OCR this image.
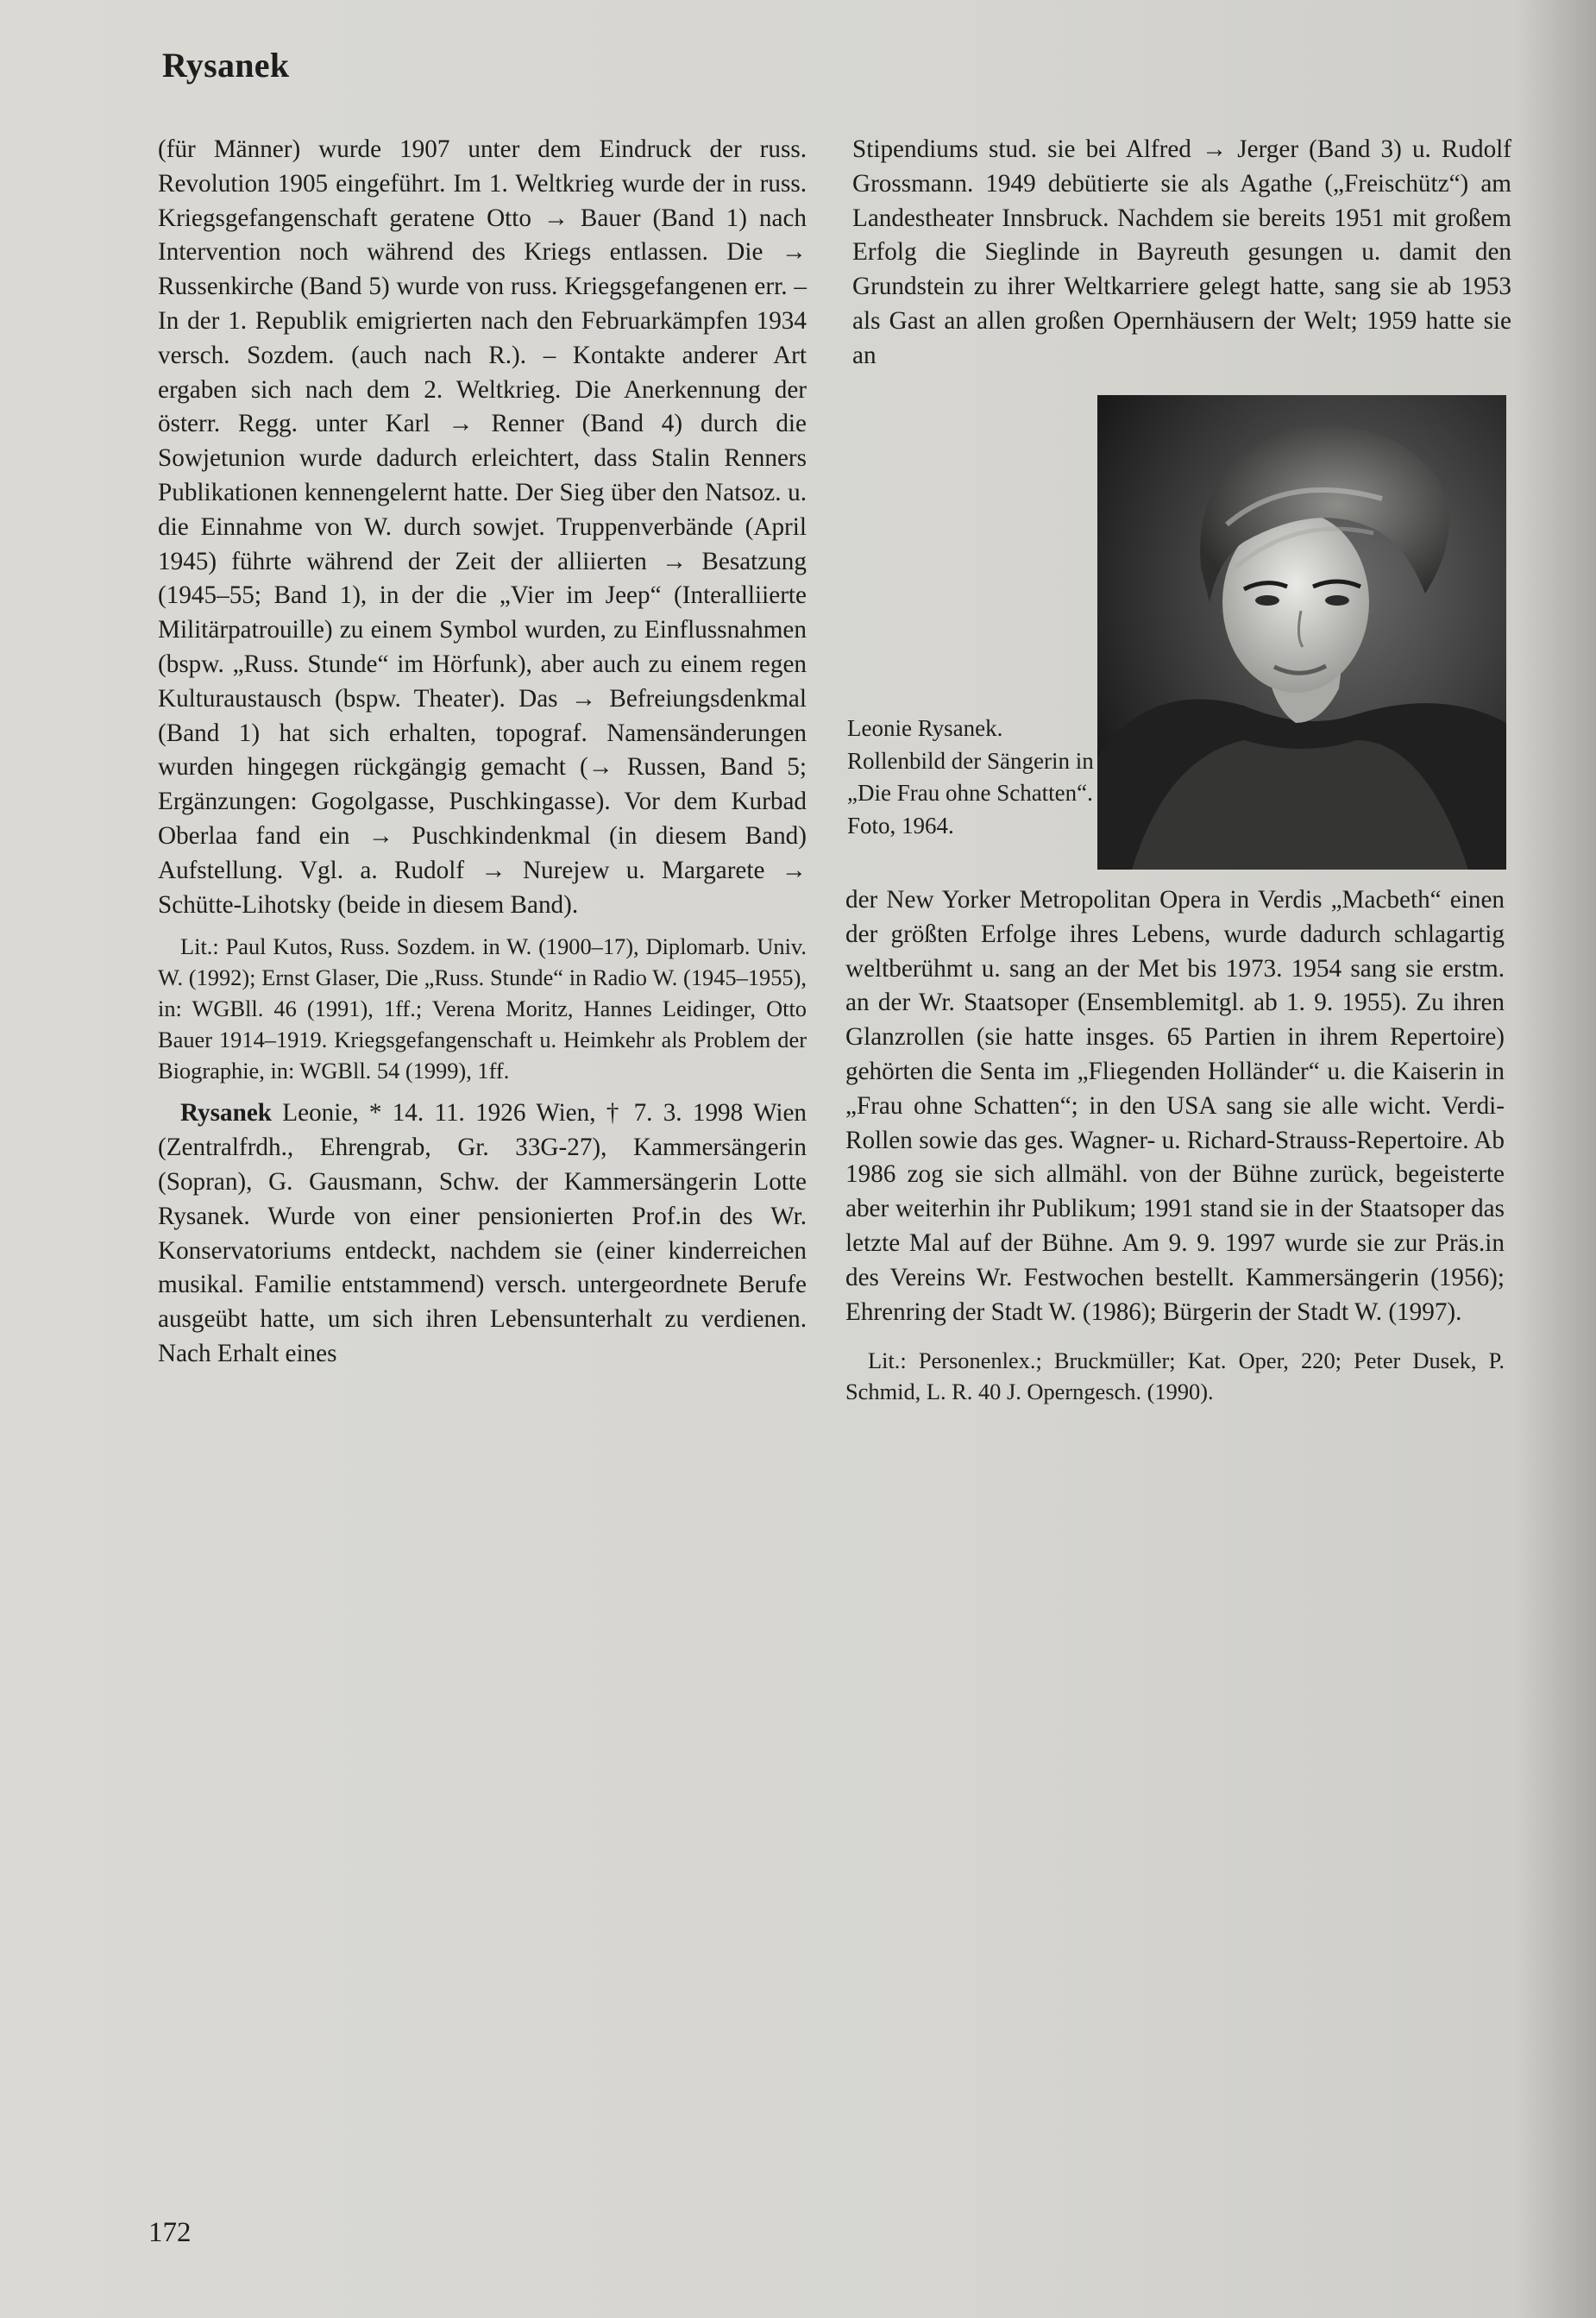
Rysanek

(für Männer) wurde 1907 unter dem Eindruck der russ. Revolution 1905 eingeführt. Im 1. Weltkrieg wurde der in russ. Kriegsgefangenschaft geratene Otto → Bauer (Band 1) nach Intervention noch während des Kriegs entlassen. Die → Russenkirche (Band 5) wurde von russ. Kriegsgefangenen err. – In der 1. Republik emigrierten nach den Februarkämpfen 1934 versch. Sozdem. (auch nach R.). – Kontakte anderer Art ergaben sich nach dem 2. Weltkrieg. Die Anerkennung der österr. Regg. unter Karl → Renner (Band 4) durch die Sowjetunion wurde dadurch erleichtert, dass Stalin Renners Publikationen kennengelernt hatte. Der Sieg über den Natsoz. u. die Einnahme von W. durch sowjet. Truppenverbände (April 1945) führte während der Zeit der alliierten → Besatzung (1945–55; Band 1), in der die „Vier im Jeep“ (Interalliierte Militärpatrouille) zu einem Symbol wurden, zu Einflussnahmen (bspw. „Russ. Stunde“ im Hörfunk), aber auch zu einem regen Kulturaustausch (bspw. Theater). Das → Befreiungsdenkmal (Band 1) hat sich erhalten, topograf. Namensänderungen wurden hingegen rückgängig gemacht (→ Russen, Band 5; Ergänzungen: Gogolgasse, Puschkingasse). Vor dem Kurbad Oberlaa fand ein → Puschkindenkmal (in diesem Band) Aufstellung. Vgl. a. Rudolf → Nurejew u. Margarete → Schütte-Lihotsky (beide in diesem Band).

Lit.: Paul Kutos, Russ. Sozdem. in W. (1900–17), Diplomarb. Univ. W. (1992); Ernst Glaser, Die „Russ. Stunde“ in Radio W. (1945–1955), in: WGBll. 46 (1991), 1ff.; Verena Moritz, Hannes Leidinger, Otto Bauer 1914–1919. Kriegsgefangenschaft u. Heimkehr als Problem der Biographie, in: WGBll. 54 (1999), 1ff.

Rysanek Leonie, * 14. 11. 1926 Wien, † 7. 3. 1998 Wien (Zentralfrdh., Ehrengrab, Gr. 33G-27), Kammersängerin (Sopran), G. Gausmann, Schw. der Kammersängerin Lotte Rysanek. Wurde von einer pensionierten Prof.in des Wr. Konservatoriums entdeckt, nachdem sie (einer kinderreichen musikal. Familie entstammend) versch. untergeordnete Berufe ausgeübt hatte, um sich ihren Lebensunterhalt zu verdienen. Nach Erhalt eines

Stipendiums stud. sie bei Alfred → Jerger (Band 3) u. Rudolf Grossmann. 1949 debütierte sie als Agathe („Freischütz“) am Landestheater Innsbruck. Nachdem sie bereits 1951 mit großem Erfolg die Sieglinde in Bayreuth gesungen u. damit den Grundstein zu ihrer Weltkarriere gelegt hatte, sang sie ab 1953 als Gast an allen großen Opernhäusern der Welt; 1959 hatte sie an

Leonie Rysanek. Rollenbild der Sängerin in „Die Frau ohne Schatten“. Foto, 1964.

der New Yorker Metropolitan Opera in Verdis „Macbeth“ einen der größten Erfolge ihres Lebens, wurde dadurch schlagartig weltberühmt u. sang an der Met bis 1973. 1954 sang sie erstm. an der Wr. Staatsoper (Ensemblemitgl. ab 1. 9. 1955). Zu ihren Glanzrollen (sie hatte insges. 65 Partien in ihrem Repertoire) gehörten die Senta im „Fliegenden Holländer“ u. die Kaiserin in „Frau ohne Schatten“; in den USA sang sie alle wicht. Verdi-Rollen sowie das ges. Wagner- u. Richard-Strauss-Repertoire. Ab 1986 zog sie sich allmähl. von der Bühne zurück, begeisterte aber weiterhin ihr Publikum; 1991 stand sie in der Staatsoper das letzte Mal auf der Bühne. Am 9. 9. 1997 wurde sie zur Präs.in des Vereins Wr. Festwochen bestellt. Kammersängerin (1956); Ehrenring der Stadt W. (1986); Bürgerin der Stadt W. (1997).

Lit.: Personenlex.; Bruckmüller; Kat. Oper, 220; Peter Dusek, P. Schmid, L. R. 40 J. Operngesch. (1990).

172
